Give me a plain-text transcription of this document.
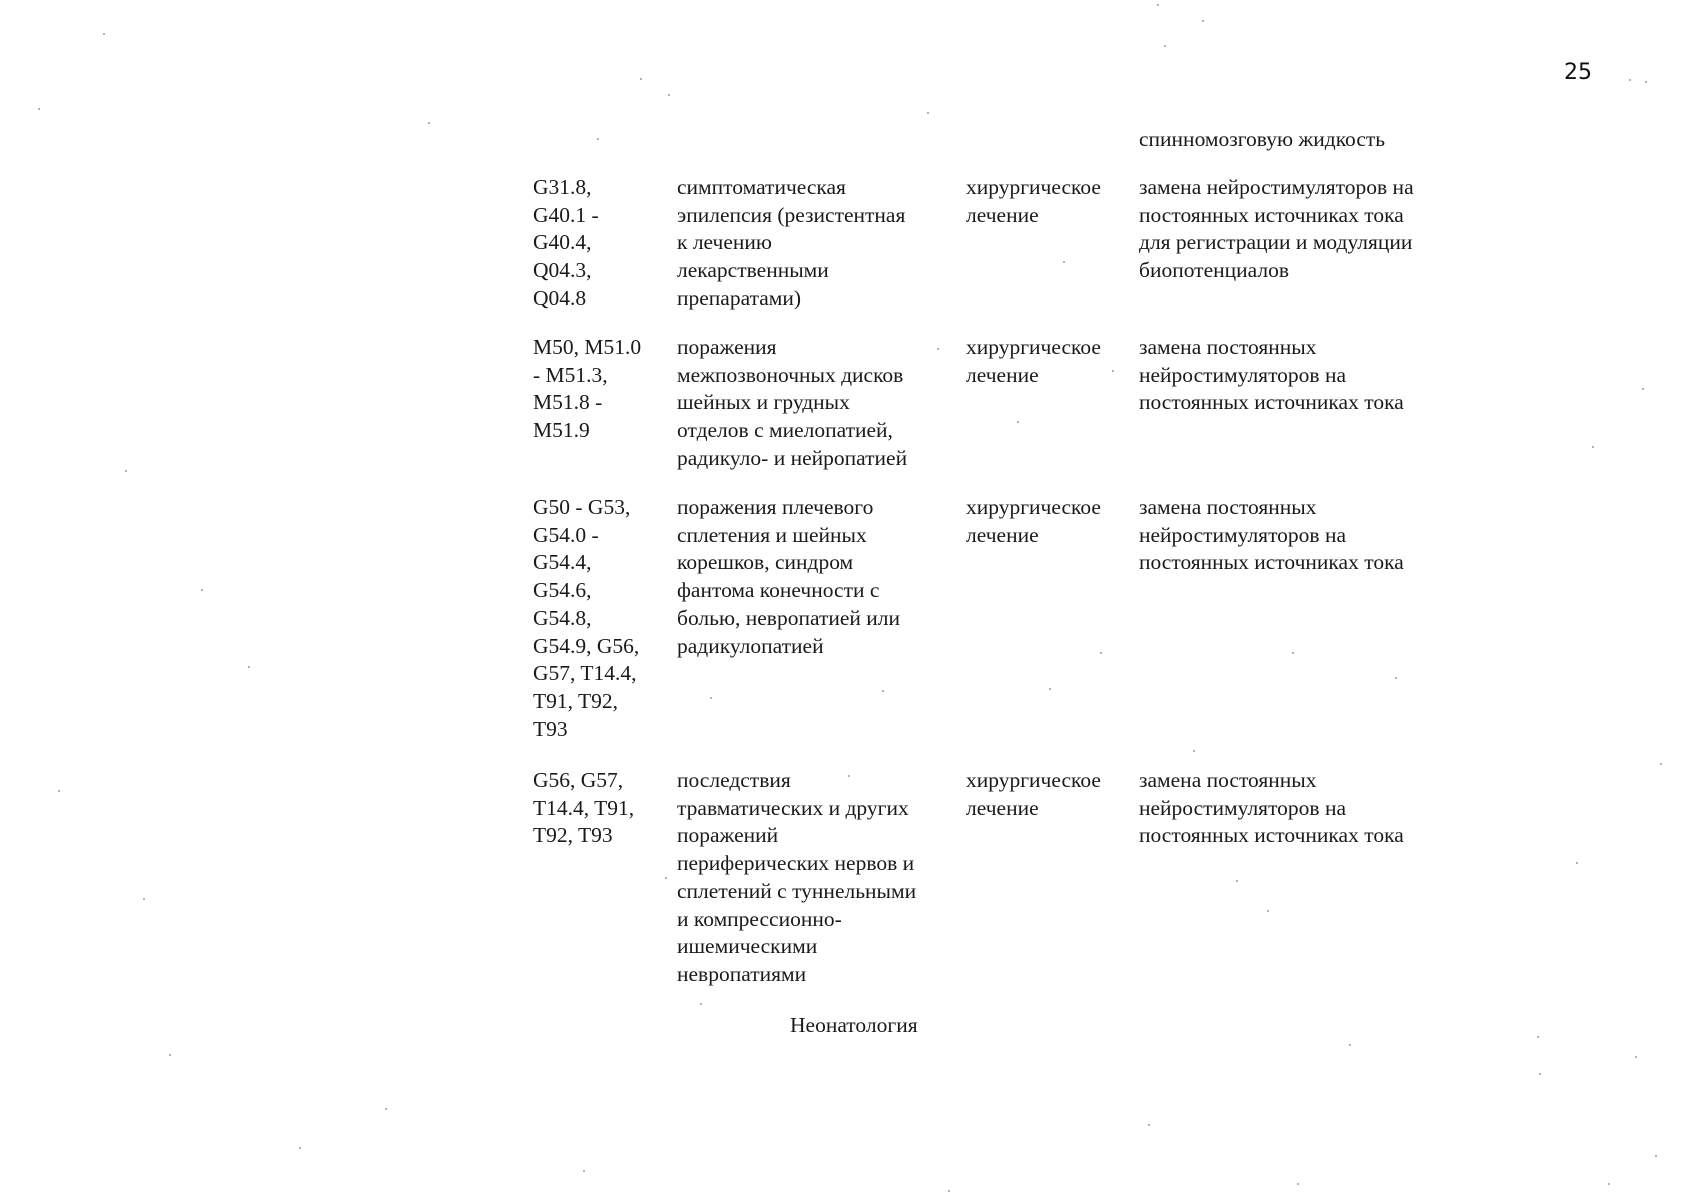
25
спинномозговую жидкость
G31.8,
G40.1 -
G40.4,
Q04.3,
Q04.8
симптоматическая
эпилепсия (резистентная
к лечению
лекарственными
препаратами)
хирургическое
лечение
замена нейростимуляторов на
постоянных источниках тока
для регистрации и модуляции
биопотенциалов
M50, M51.0
- M51.3,
M51.8 -
M51.9
поражения
межпозвоночных дисков
шейных и грудных
отделов с миелопатией,
радикуло- и нейропатией
хирургическое
лечение
замена постоянных
нейростимуляторов на
постоянных источниках тока
G50 - G53,
G54.0 -
G54.4,
G54.6,
G54.8,
G54.9, G56,
G57, T14.4,
T91, T92,
T93
поражения плечевого
сплетения и шейных
корешков, синдром
фантома конечности с
болью, невропатией или
радикулопатией
хирургическое
лечение
замена постоянных
нейростимуляторов на
постоянных источниках тока
G56, G57,
T14.4, T91,
T92, T93
последствия
травматических и других
поражений
периферических нервов и
сплетений с туннельными
и компрессионно-
ишемическими
невропатиями
хирургическое
лечение
замена постоянных
нейростимуляторов на
постоянных источниках тока
Неонатология
